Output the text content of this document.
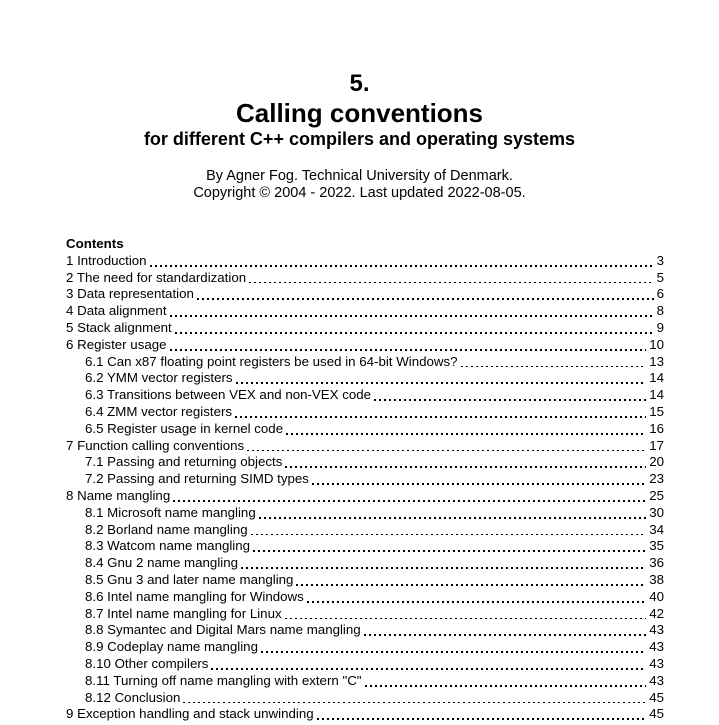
5.
Calling conventions
for different C++ compilers and operating systems
By Agner Fog. Technical University of Denmark.
Copyright © 2004 - 2022. Last updated 2022-08-05.
Contents
1 Introduction	3
2 The need for standardization	5
3 Data representation	6
4 Data alignment	8
5 Stack alignment	9
6 Register usage	10
6.1 Can x87 floating point registers be used in 64-bit Windows?	13
6.2 YMM vector registers	14
6.3 Transitions between VEX and non-VEX code	14
6.4 ZMM vector registers	15
6.5 Register usage in kernel code	16
7 Function calling conventions	17
7.1 Passing and returning objects	20
7.2 Passing and returning SIMD types	23
8 Name mangling	25
8.1 Microsoft name mangling	30
8.2 Borland name mangling	34
8.3 Watcom name mangling	35
8.4 Gnu 2 name mangling	36
8.5 Gnu 3 and later name mangling	38
8.6 Intel name mangling for Windows	40
8.7 Intel name mangling for Linux	42
8.8 Symantec and Digital Mars name mangling	43
8.9 Codeplay name mangling	43
8.10 Other compilers	43
8.11 Turning off name mangling with extern "C"	43
8.12 Conclusion	45
9 Exception handling and stack unwinding	45
